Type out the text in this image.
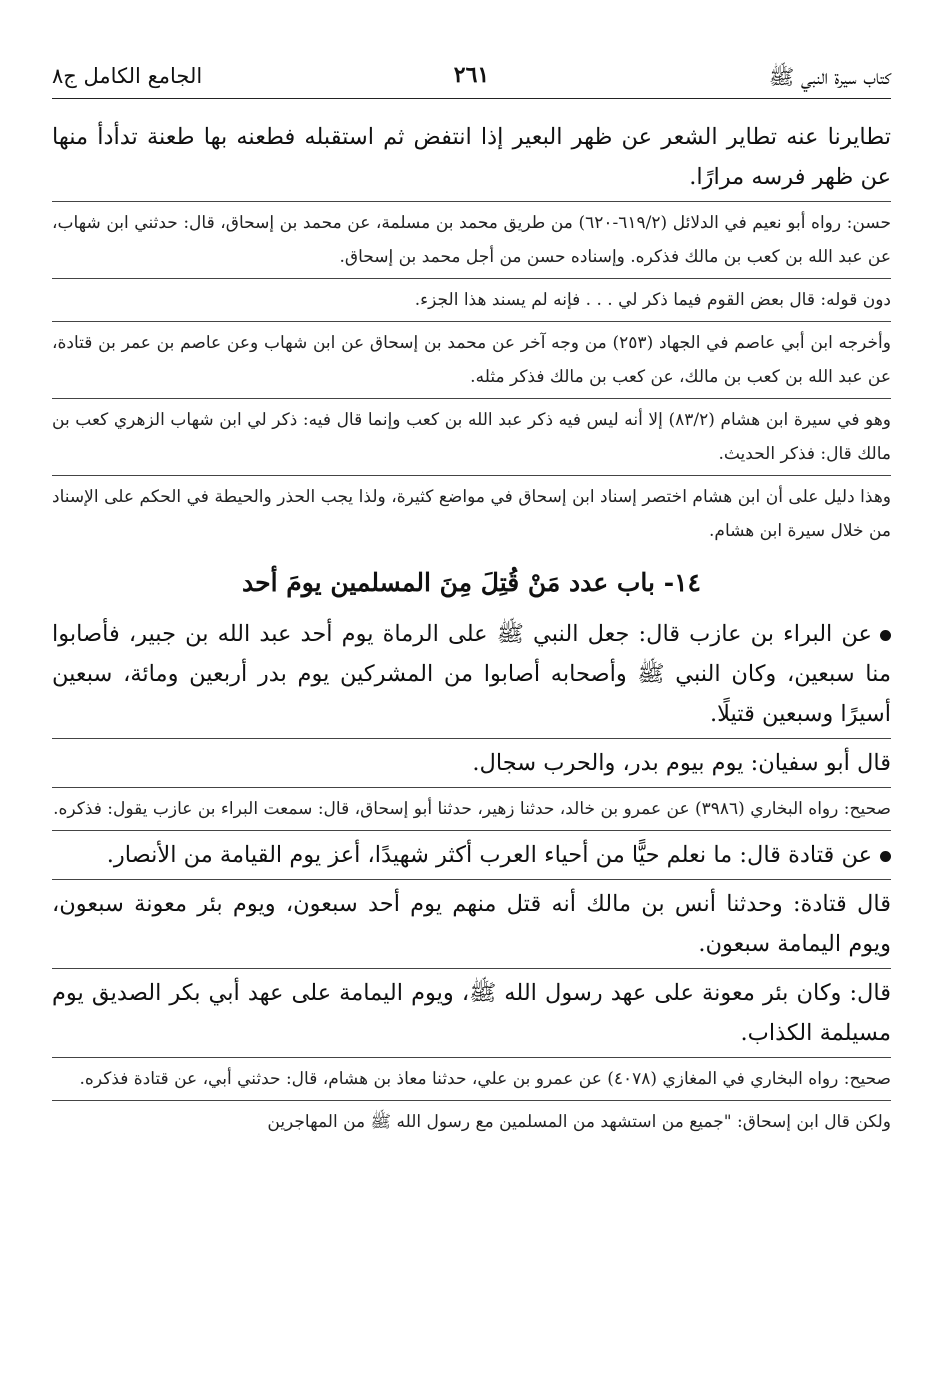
كتاب سيرة النبي ﷺ
٢٦١
الجامع الكامل ج٨

تطايرنا عنه تطاير الشعر عن ظهر البعير إذا انتفض ثم استقبله فطعنه بها طعنة تدأدأ منها عن ظهر فرسه مرارًا.

حسن: رواه أبو نعيم في الدلائل (٦١٩/٢-٦٢٠) من طريق محمد بن مسلمة، عن محمد بن إسحاق، قال: حدثني ابن شهاب، عن عبد الله بن كعب بن مالك فذكره. وإسناده حسن من أجل محمد بن إسحاق.

دون قوله: قال بعض القوم فيما ذكر لي . . . فإنه لم يسند هذا الجزء.

وأخرجه ابن أبي عاصم في الجهاد (٢٥٣) من وجه آخر عن محمد بن إسحاق عن ابن شهاب وعن عاصم بن عمر بن قتادة، عن عبد الله بن كعب بن مالك، عن كعب بن مالك فذكر مثله.

وهو في سيرة ابن هشام (٨٣/٢) إلا أنه ليس فيه ذكر عبد الله بن كعب وإنما قال فيه: ذكر لي ابن شهاب الزهري كعب بن مالك قال: فذكر الحديث.

وهذا دليل على أن ابن هشام اختصر إسناد ابن إسحاق في مواضع كثيرة، ولذا يجب الحذر والحيطة في الحكم على الإسناد من خلال سيرة ابن هشام.

١٤- باب عدد مَنْ قُتِلَ مِنَ المسلمين يومَ أحد

عن البراء بن عازب قال: جعل النبي ﷺ على الرماة يوم أحد عبد الله بن جبير، فأصابوا منا سبعين، وكان النبي ﷺ وأصحابه أصابوا من المشركين يوم بدر أربعين ومائة، سبعين أسيرًا وسبعين قتيلًا.

قال أبو سفيان: يوم بيوم بدر، والحرب سجال.

صحيح: رواه البخاري (٣٩٨٦) عن عمرو بن خالد، حدثنا زهير، حدثنا أبو إسحاق، قال: سمعت البراء بن عازب يقول: فذكره.

عن قتادة قال: ما نعلم حيًّا من أحياء العرب أكثر شهيدًا، أعز يوم القيامة من الأنصار.

قال قتادة: وحدثنا أنس بن مالك أنه قتل منهم يوم أحد سبعون، ويوم بئر معونة سبعون، ويوم اليمامة سبعون.

قال: وكان بئر معونة على عهد رسول الله ﷺ، ويوم اليمامة على عهد أبي بكر الصديق يوم مسيلمة الكذاب.

صحيح: رواه البخاري في المغازي (٤٠٧٨) عن عمرو بن علي، حدثنا معاذ بن هشام، قال: حدثني أبي، عن قتادة فذكره.

ولكن قال ابن إسحاق: "جميع من استشهد من المسلمين مع رسول الله ﷺ من المهاجرين
